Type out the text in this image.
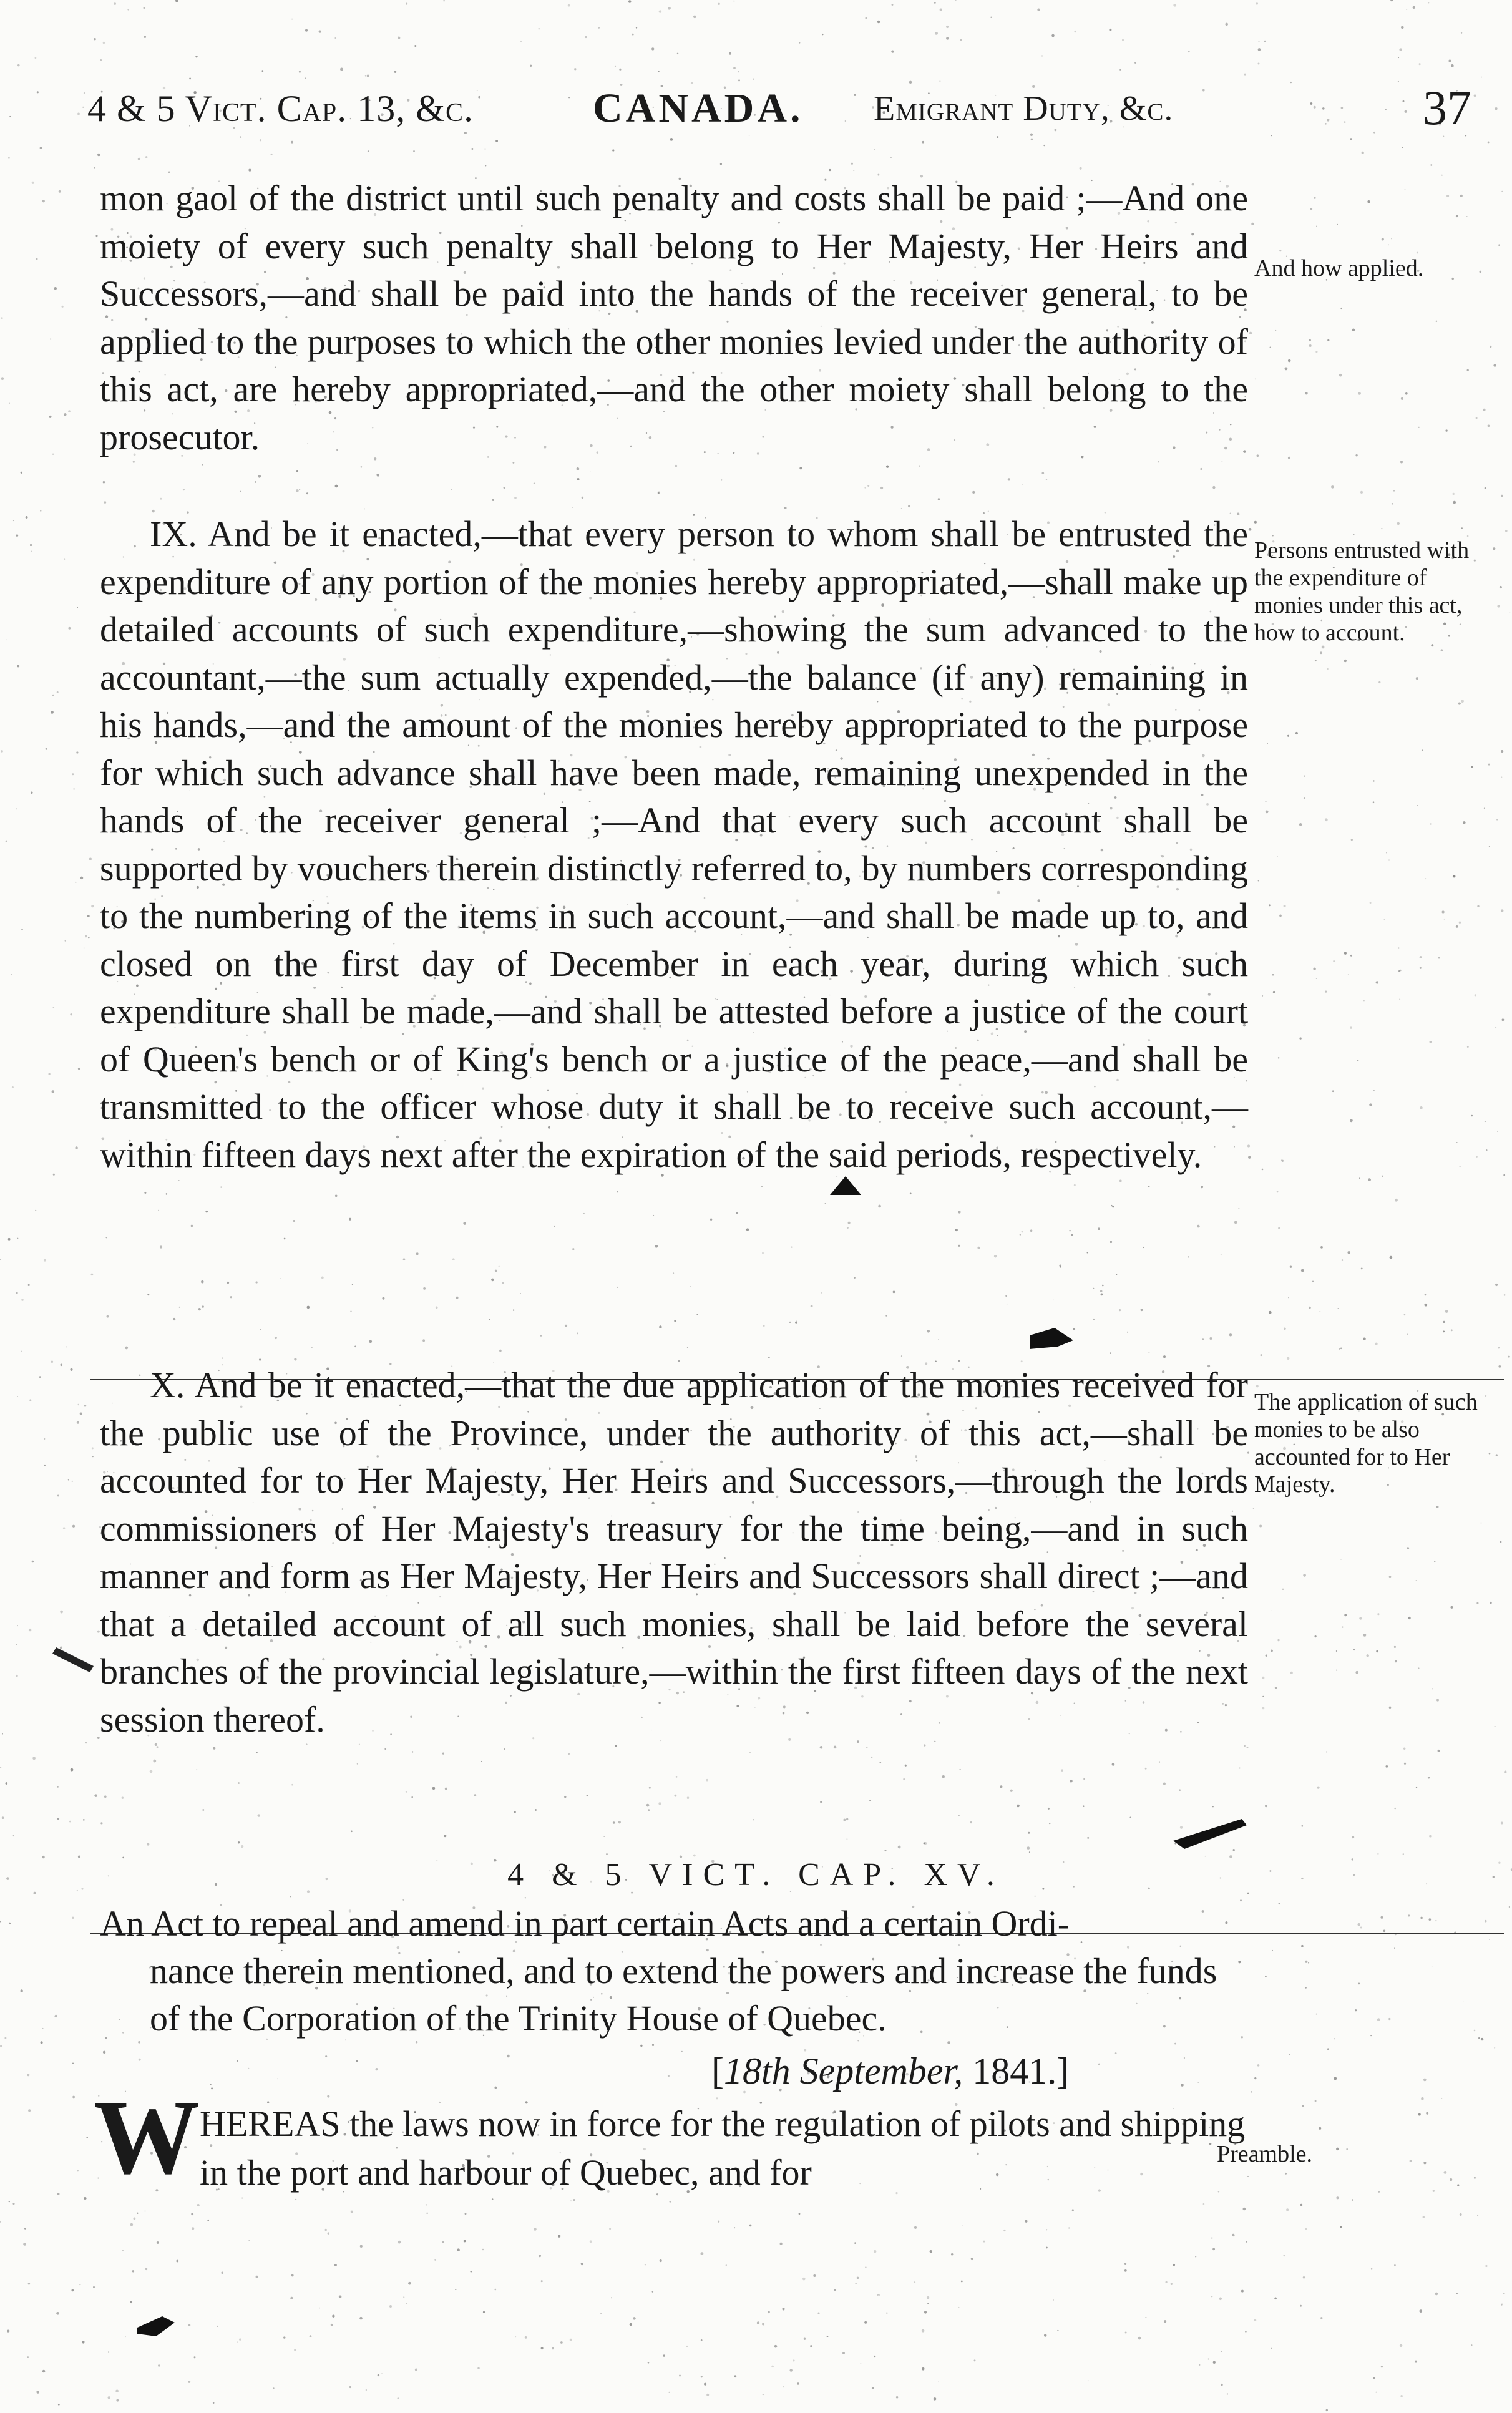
4 & 5 Vict. Cap. 13, &c.	CANADA. Emigrant Duty, &c.	37
mon gaol of the district until such penalty and costs shall be paid ;—And one moiety of every such penalty shall belong to Her Majesty, Her Heirs and Successors,—and shall be paid into the hands of the receiver general, to be applied to the purposes to which the other monies levied under the authority of this act, are hereby appropriated,—and the other moiety shall belong to the prosecutor.
And how applied.
IX. And be it enacted,—that every person to whom shall be entrusted the expenditure of any portion of the monies hereby appropriated,—shall make up detailed accounts of such expenditure,—showing the sum advanced to the accountant,—the sum actually expended,—the balance (if any) remaining in his hands,—and the amount of the monies hereby appropriated to the purpose for which such advance shall have been made, remaining unexpended in the hands of the receiver general ;—And that every such account shall be supported by vouchers therein distinctly referred to, by numbers corresponding to the numbering of the items in such account,—and shall be made up to, and closed on the first day of December in each year, during which such expenditure shall be made,—and shall be attested before a justice of the court of Queen's bench or of King's bench or a justice of the peace,—and shall be transmitted to the officer whose duty it shall be to receive such account,—within fifteen days next after the expiration of the said periods, respectively.
Persons entrusted with the expenditure of monies under this act, how to account.
X. And be it enacted,—that the due application of the monies received for the public use of the Province, under the authority of this act,—shall be accounted for to Her Majesty, Her Heirs and Successors,—through the lords commissioners of Her Majesty's treasury for the time being,—and in such manner and form as Her Majesty, Her Heirs and Successors shall direct ;—and that a detailed account of all such monies, shall be laid before the several branches of the provincial legislature,—within the first fifteen days of the next session thereof.
The application of such monies to be also accounted for to Her Majesty.
4 & 5 VICT. CAP. XV.
An Act to repeal and amend in part certain Acts and a certain Ordi-
nance therein mentioned, and to extend the powers and increase the funds of the Corporation of the Trinity House of Quebec.
[18th September, 1841.]
W HEREAS the laws now in force for the regulation of pilots and shipping in the port and harbour of Quebec, and for	Preamble.
